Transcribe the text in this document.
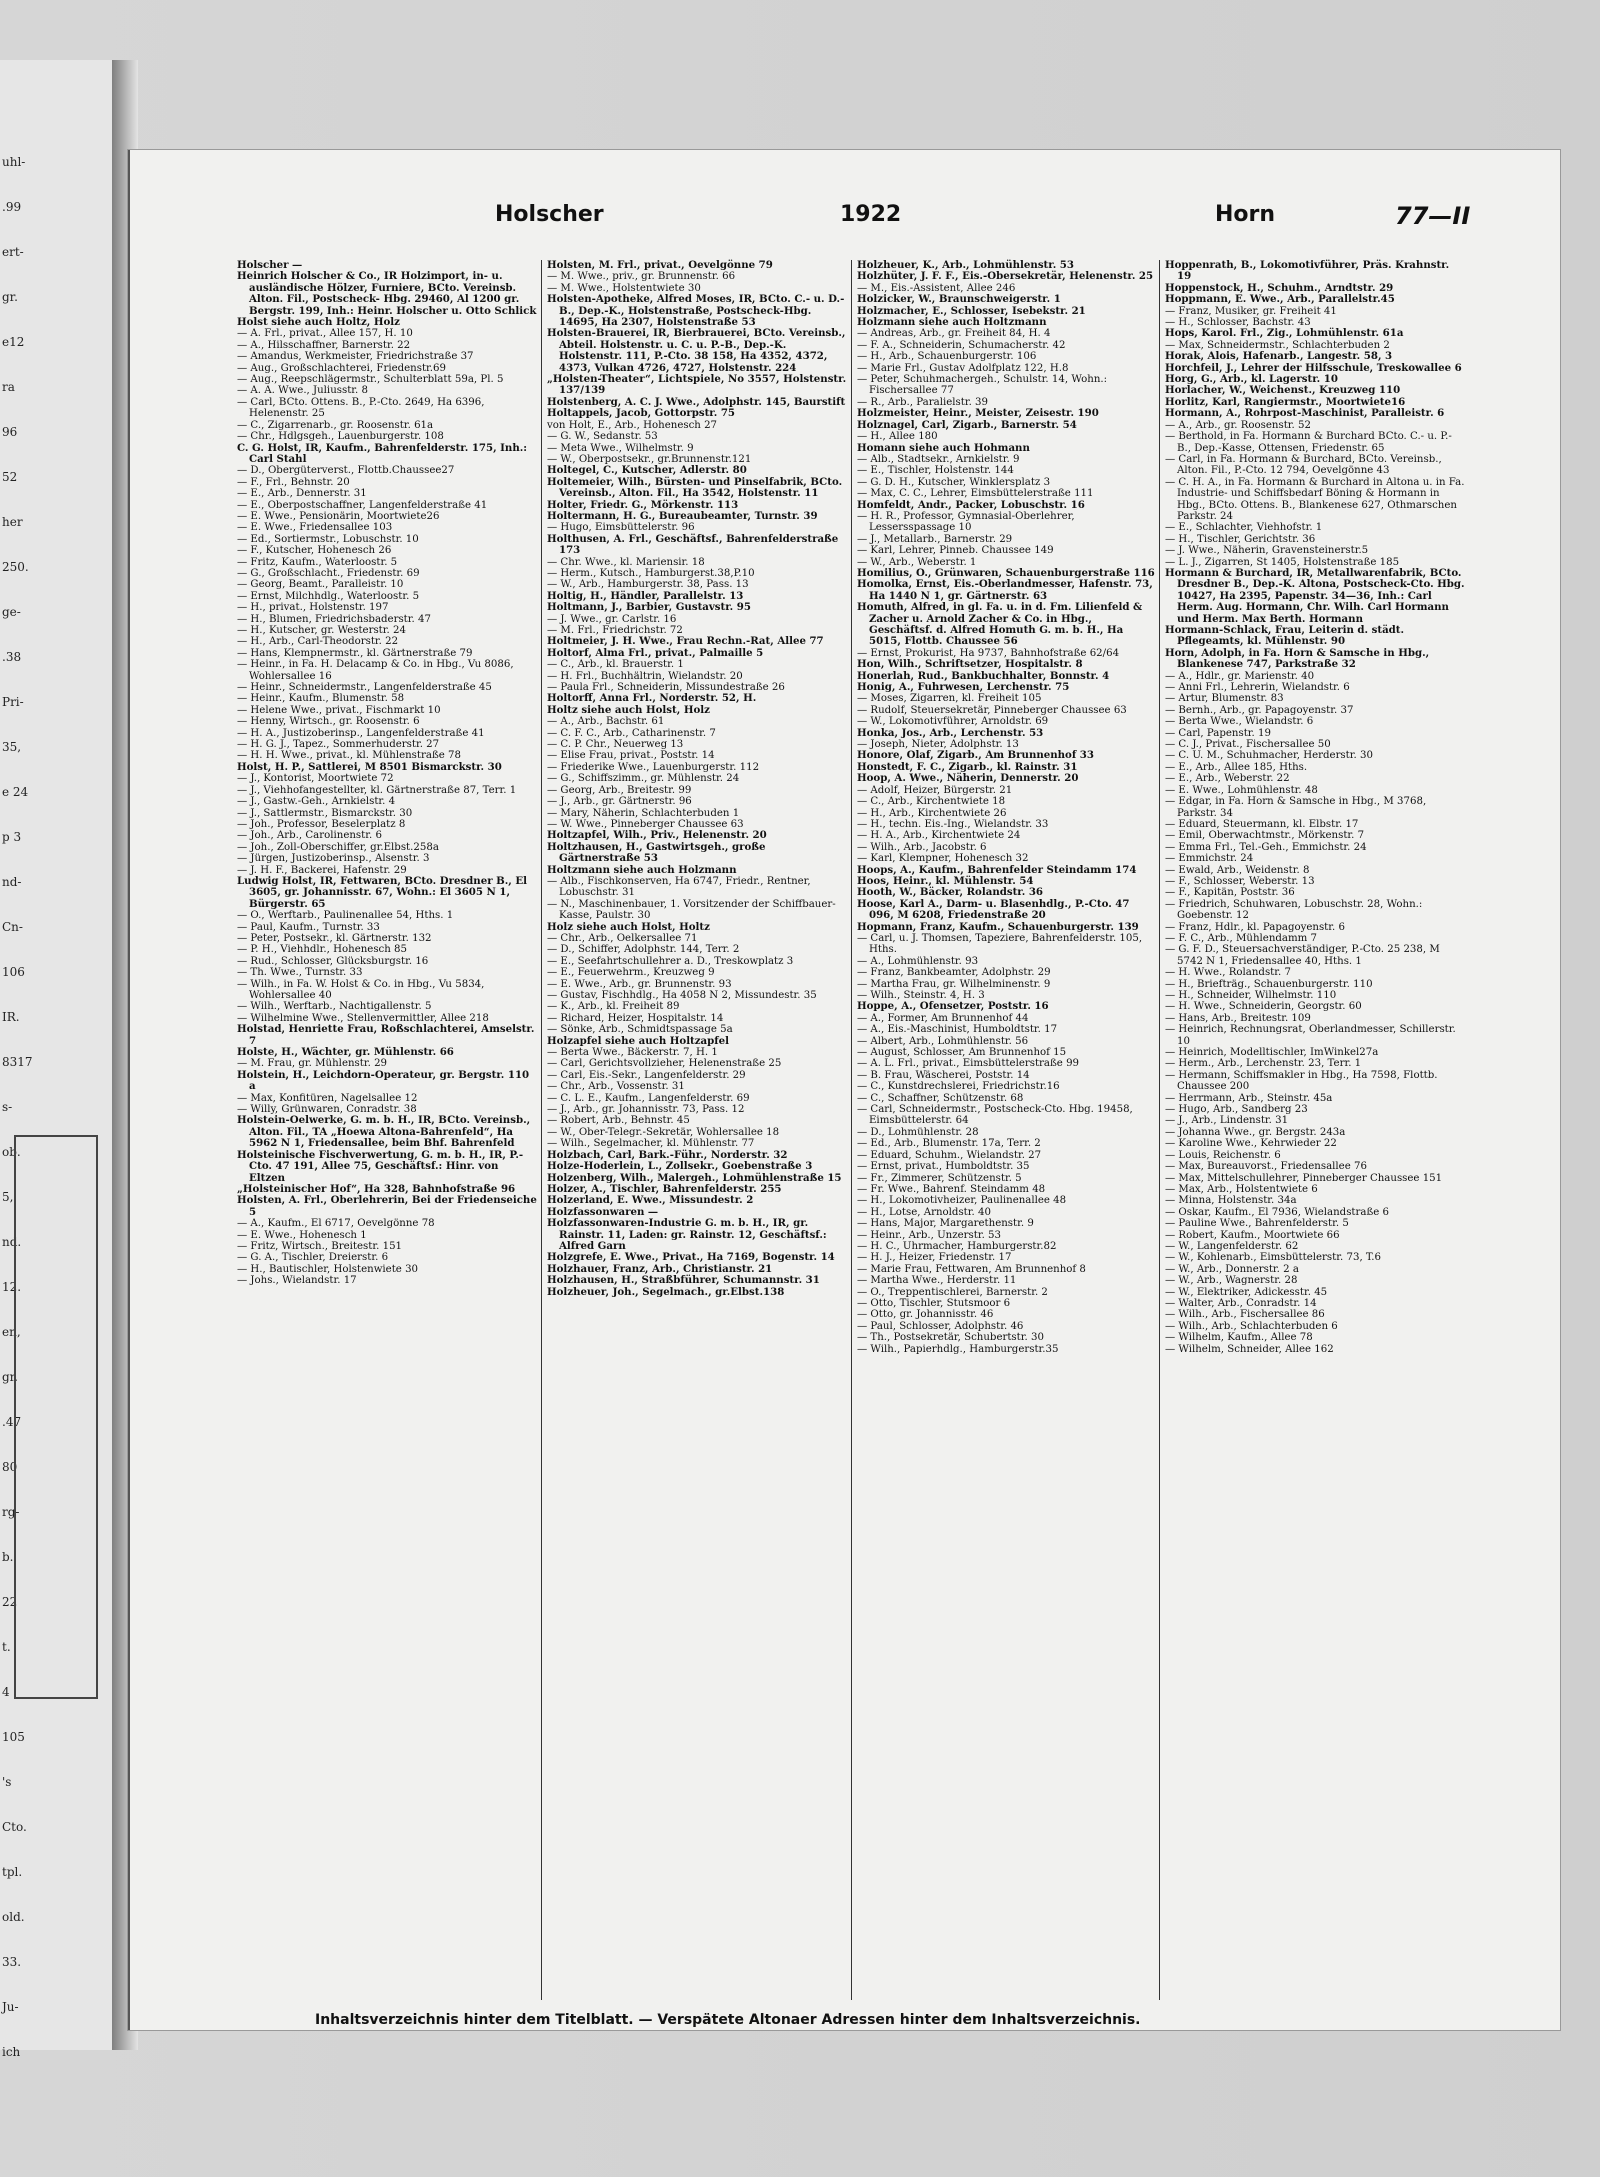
uhl-
.99
ert-
gr.
e12
ra
96
52
her
250.
ge-
.38
Pri-
35,
e 24
p 3
nd-
Cn-
106
IR.
8317
s-
ob.
5,
nd.
12.
en,
gr.
.47
80
rg-
b.
22
t.
4
105
's
Cto.
tpl.
old.
33.
Ju-
ich
Holscher	1922	Horn	77—II

Holscher —

Heinrich Holscher & Co., IR Holzimport, in- u. ausländische Hölzer, Furniere, BCto. Vereinsb. Alton. Fil., Postscheck- Hbg. 29460, Al 1200 gr. Bergstr. 199, Inh.: Heinr. Holscher u. Otto Schlick

Holst siehe auch Holtz, Holz

— A. Frl., privat., Allee 157, H. 10

— A., Hilsschaffner, Barnerstr. 22

— Amandus, Werkmeister, Friedrichstraße 37

— Aug., Großschlachterei, Friedenstr.69

— Aug., Reepschlägermstr., Schulterblatt 59a, Pl. 5

— A. A. Wwe., Juliusstr. 8

— Carl, BCto. Ottens. B., P.-Cto. 2649, Ha 6396, Helenenstr. 25

— C., Zigarrenarb., gr. Roosenstr. 61a

— Chr., Hdlgsgeh., Lauenburgerstr. 108

C. G. Holst, IR, Kaufm., Bahrenfelderstr. 175, Inh.: Carl Stahl

— D., Obergüterverst., Flottb.Chaussee27

— F., Frl., Behnstr. 20

— E., Arb., Dennerstr. 31

— E., Oberpostschaffner, Langenfelderstraße 41

— E. Wwe., Pensionärin, Moortwiete26

— E. Wwe., Friedensallee 103

— Ed., Sortiermstr., Lobuschstr. 10

— F., Kutscher, Hohenesch 26

— Fritz, Kaufm., Waterloostr. 5

— G., Großschlacht., Friedenstr. 69

— Georg, Beamt., Paralleistr. 10

— Ernst, Milchhdlg., Waterloostr. 5

— H., privat., Holstenstr. 197

— H., Blumen, Friedrichsbaderstr. 47

— H., Kutscher, gr. Westerstr. 24

— H., Arb., Carl-Theodorstr. 22

— Hans, Klempnermstr., kl. Gärtnerstraße 79

— Heinr., in Fa. H. Delacamp & Co. in Hbg., Vu 8086, Wohlersallee 16

— Heinr., Schneidermstr., Langenfelderstraße 45

— Heinr., Kaufm., Blumenstr. 58

— Helene Wwe., privat., Fischmarkt 10

— Henny, Wirtsch., gr. Roosenstr. 6

— H. A., Justizoberinsp., Langenfelderstraße 41

— H. G. J., Tapez., Sommerhuderstr. 27

— H. H. Wwe., privat., kl. Mühlenstraße 78

Holst, H. P., Sattlerei, M 8501 Bismarckstr. 30

— J., Kontorist, Moortwiete 72

— J., Viehhofangestellter, kl. Gärtnerstraße 87, Terr. 1

— J., Gastw.-Geh., Arnkielstr. 4

— J., Sattlermstr., Bismarckstr. 30

— Joh., Professor, Beselerplatz 8

— Joh., Arb., Carolinenstr. 6

— Joh., Zoll-Oberschiffer, gr.Elbst.258a

— Jürgen, Justizoberinsp., Alsenstr. 3

— J. H. F., Backerei, Hafenstr. 29

Ludwig Holst, IR, Fettwaren, BCto. Dresdner B., El 3605, gr. Johannisstr. 67, Wohn.: El 3605 N 1, Bürgerstr. 65

— O., Werftarb., Paulinenallee 54, Hths. 1

— Paul, Kaufm., Turnstr. 33

— Peter, Postsekr., kl. Gärtnerstr. 132

— P. H., Viehhdlr., Hohenesch 85

— Rud., Schlosser, Glücksburgstr. 16

— Th. Wwe., Turnstr. 33

— Wilh., in Fa. W. Holst & Co. in Hbg., Vu 5834, Wohlersallee 40

— Wilh., Werftarb., Nachtigallenstr. 5

— Wilhelmine Wwe., Stellenvermittler, Allee 218

Holstad, Henriette Frau, Roßschlachterei, Amselstr. 7

Holste, H., Wächter, gr. Mühlenstr. 66

— M. Frau, gr. Mühlenstr. 29

Holstein, H., Leichdorn-Operateur, gr. Bergstr. 110 a

— Max, Konfitüren, Nagelsallee 12

— Willy, Grünwaren, Conradstr. 38

Holstein-Oelwerke, G. m. b. H., IR, BCto. Vereinsb., Alton. Fil., TA „Hoewa Altona-Bahrenfeld“, Ha 5962 N 1, Friedensallee, beim Bhf. Bahrenfeld

Holsteinische Fischverwertung, G. m. b. H., IR, P.-Cto. 47 191, Allee 75, Geschäftsf.: Hinr. von Eltzen

„Holsteinischer Hof“, Ha 328, Bahnhofstraße 96

Holsten, A. Frl., Oberlehrerin, Bei der Friedenseiche 5

— A., Kaufm., El 6717, Oevelgönne 78

— E. Wwe., Hohenesch 1

— Fritz, Wirtsch., Breitestr. 151

— G. A., Tischler, Dreierstr. 6

— H., Bautischler, Holstenwiete 30

— Johs., Wielandstr. 17

Holsten, M. Frl., privat., Oevelgönne 79

— M. Wwe., priv., gr. Brunnenstr. 66

— M. Wwe., Holstentwiete 30

Holsten-Apotheke, Alfred Moses, IR, BCto. C.- u. D.-B., Dep.-K., Holstenstraße, Postscheck-Hbg. 14695, Ha 2307, Holstenstraße 53

Holsten-Brauerei, IR, Bierbrauerei, BCto. Vereinsb., Abteil. Holstenstr. u. C. u. P.-B., Dep.-K. Holstenstr. 111, P.-Cto. 38 158, Ha 4352, 4372, 4373, Vulkan 4726, 4727, Holstenstr. 224

„Holsten-Theater“, Lichtspiele, No 3557, Holstenstr. 137/139

Holstenberg, A. C. J. Wwe., Adolphstr. 145, Baurstift

Holtappels, Jacob, Gottorpstr. 75

von Holt, E., Arb., Hohenesch 27

— G. W., Sedanstr. 53

— Meta Wwe., Wilhelmstr. 9

— W., Oberpostsekr., gr.Brunnenstr.121

Holtegel, C., Kutscher, Adlerstr. 80

Holtemeier, Wilh., Bürsten- und Pinselfabrik, BCto. Vereinsb., Alton. Fil., Ha 3542, Holstenstr. 11

Holter, Friedr. G., Mörkenstr. 113

Holtermann, H. G., Bureaubeamter, Turnstr. 39

— Hugo, Eimsbüttelerstr. 96

Holthusen, A. Frl., Geschäftsf., Bahrenfelderstraße 173

— Chr. Wwe., kl. Mariensir. 18

— Herm., Kutsch., Hamburgerst.38,P.10

— W., Arb., Hamburgerstr. 38, Pass. 13

Holtig, H., Händler, Parallelstr. 13

Holtmann, J., Barbier, Gustavstr. 95

— J. Wwe., gr. Carlstr. 16

— M. Frl., Friedrichstr. 72

Holtmeier, J. H. Wwe., Frau Rechn.-Rat, Allee 77

Holtorf, Alma Frl., privat., Palmaille 5

— C., Arb., kl. Brauerstr. 1

— H. Frl., Buchhältrin, Wielandstr. 20

— Paula Frl., Schneiderin, Missundestraße 26

Holtorff, Anna Frl., Norderstr. 52, H.

Holtz siehe auch Holst, Holz

— A., Arb., Bachstr. 61

— C. F. C., Arb., Catharinenstr. 7

— C. P. Chr., Neuerweg 13

— Elise Frau, privat., Poststr. 14

— Friederike Wwe., Lauenburgerstr. 112

— G., Schiffszimm., gr. Mühlenstr. 24

— Georg, Arb., Breitestr. 99

— J., Arb., gr. Gärtnerstr. 96

— Mary, Näherin, Schlachterbuden 1

— W. Wwe., Pinneberger Chaussee 63

Holtzapfel, Wilh., Priv., Helenenstr. 20

Holtzhausen, H., Gastwirtsgeh., große Gärtnerstraße 53

Holtzmann siehe auch Holzmann

— Alb., Fischkonserven, Ha 6747, Friedr., Rentner, Lobuschstr. 31

— N., Maschinenbauer, 1. Vorsitzender der Schiffbauer-Kasse, Paulstr. 30

Holz siehe auch Holst, Holtz

— Chr., Arb., Oelkersallee 71

— D., Schiffer, Adolphstr. 144, Terr. 2

— E., Seefahrtschullehrer a. D., Treskowplatz 3

— E., Feuerwehrm., Kreuzweg 9

— E. Wwe., Arb., gr. Brunnenstr. 93

— Gustav, Fischhdlg., Ha 4058 N 2, Missundestr. 35

— K., Arb., kl. Freiheit 89

— Richard, Heizer, Hospitalstr. 14

— Sönke, Arb., Schmidtspassage 5a

Holzapfel siehe auch Holtzapfel

— Berta Wwe., Bäckerstr. 7, H. 1

— Carl, Gerichtsvollzieher, Helenenstraße 25

— Carl, Eis.-Sekr., Langenfelderstr. 29

— Chr., Arb., Vossenstr. 31

— C. L. E., Kaufm., Langenfelderstr. 69

— J., Arb., gr. Johannisstr. 73, Pass. 12

— Robert, Arb., Behnstr. 45

— W., Ober-Telegr.-Sekretär, Wohlersallee 18

— Wilh., Segelmacher, kl. Mühlenstr. 77

Holzbach, Carl, Bark.-Führ., Norderstr. 32

Holze-Hoderlein, L., Zollsekr., Goebenstraße 3

Holzenberg, Wilh., Malergeh., Lohmühlenstraße 15

Holzer, A., Tischler, Bahrenfelderstr. 255

Holzerland, E. Wwe., Missundestr. 2

Holzfassonwaren —

Holzfassonwaren-Industrie G. m. b. H., IR, gr. Rainstr. 11, Laden: gr. Rainstr. 12, Geschäftsf.: Alfred Garn

Holzgrefe, E. Wwe., Privat., Ha 7169, Bogenstr. 14

Holzhauer, Franz, Arb., Christianstr. 21

Holzhausen, H., Straßbführer, Schumannstr. 31

Holzheuer, Joh., Segelmach., gr.Elbst.138

Holzheuer, K., Arb., Lohmühlenstr. 53

Holzhüter, J. F. F., Eis.-Obersekretär, Helenenstr. 25

— M., Eis.-Assistent, Allee 246

Holzicker, W., Braunschweigerstr. 1

Holzmacher, E., Schlosser, Isebekstr. 21

Holzmann siehe auch Holtzmann

— Andreas, Arb., gr. Freiheit 84, H. 4

— F. A., Schneiderin, Schumacherstr. 42

— H., Arb., Schauenburgerstr. 106

— Marie Frl., Gustav Adolfplatz 122, H.8

— Peter, Schuhmachergeh., Schulstr. 14, Wohn.: Fischersallee 77

— R., Arb., Paralielstr. 39

Holzmeister, Heinr., Meister, Zeisestr. 190

Holznagel, Carl, Zigarb., Barnerstr. 54

— H., Allee 180

Homann siehe auch Hohmann

— Alb., Stadtsekr., Arnkielstr. 9

— E., Tischler, Holstenstr. 144

— G. D. H., Kutscher, Winklersplatz 3

— Max, C. C., Lehrer, Eimsbüttelerstraße 111

Homfeldt, Andr., Packer, Lobuschstr. 16

— H. R., Professor, Gymnasial-Oberlehrer, Lessersspassage 10

— J., Metallarb., Barnerstr. 29

— Karl, Lehrer, Pinneb. Chaussee 149

— W., Arb., Weberstr. 1

Homilius, O., Grünwaren, Schauenburgerstraße 116

Homolka, Ernst, Eis.-Oberlandmesser, Hafenstr. 73, Ha 1440 N 1, gr. Gärtnerstr. 63

Homuth, Alfred, in gl. Fa. u. in d. Fm. Lilienfeld & Zacher u. Arnold Zacher & Co. in Hbg., Geschäftsf. d. Alfred Homuth G. m. b. H., Ha 5015, Flottb. Chaussee 56

— Ernst, Prokurist, Ha 9737, Bahnhofstraße 62/64

Hon, Wilh., Schriftsetzer, Hospitalstr. 8

Honerlah, Rud., Bankbuchhalter, Bonnstr. 4

Honig, A., Fuhrwesen, Lerchenstr. 75

— Moses, Zigarren, kl. Freiheit 105

— Rudolf, Steuersekretär, Pinneberger Chaussee 63

— W., Lokomotivführer, Arnoldstr. 69

Honka, Jos., Arb., Lerchenstr. 53

— Joseph, Nieter, Adolphstr. 13

Honore, Olaf, Zigarb., Am Brunnenhof 33

Honstedt, F. C., Zigarb., kl. Rainstr. 31

Hoop, A. Wwe., Näherin, Dennerstr. 20

— Adolf, Heizer, Bürgerstr. 21

— C., Arb., Kirchentwiete 18

— H., Arb., Kirchentwiete 26

— H., techn. Eis.-Ing., Wielandstr. 33

— H. A., Arb., Kirchentwiete 24

— Wilh., Arb., Jacobstr. 6

— Karl, Klempner, Hohenesch 32

Hoops, A., Kaufm., Bahrenfelder Steindamm 174

Hoos, Heinr., kl. Mühlenstr. 54

Hooth, W., Bäcker, Rolandstr. 36

Hoose, Karl A., Darm- u. Blasenhdlg., P.-Cto. 47 096, M 6208, Friedenstraße 20

Hopmann, Franz, Kaufm., Schauenburgerstr. 139

— Carl, u. J. Thomsen, Tapeziere, Bahrenfelderstr. 105, Hths.

— A., Lohmühlenstr. 93

— Franz, Bankbeamter, Adolphstr. 29

— Martha Frau, gr. Wilhelminenstr. 9

— Wilh., Steinstr. 4, H. 3

Hoppe, A., Ofensetzer, Poststr. 16

— A., Former, Am Brunnenhof 44

— A., Eis.-Maschinist, Humboldtstr. 17

— Albert, Arb., Lohmühlenstr. 56

— August, Schlosser, Am Brunnenhof 15

— A. L. Frl., privat., Eimsbüttelerstraße 99

— B. Frau, Wäscherei, Poststr. 14

— C., Kunstdrechslerei, Friedrichstr.16

— C., Schaffner, Schützenstr. 68

— Carl, Schneidermstr., Postscheck-Cto. Hbg. 19458, Eimsbüttelerstr. 64

— D., Lohmühlenstr. 28

— Ed., Arb., Blumenstr. 17a, Terr. 2

— Eduard, Schuhm., Wielandstr. 27

— Ernst, privat., Humboldtstr. 35

— Fr., Zimmerer, Schützenstr. 5

— Fr. Wwe., Bahrenf. Steindamm 48

— H., Lokomotivheizer, Paulinenallee 48

— H., Lotse, Arnoldstr. 40

— Hans, Major, Margarethenstr. 9

— Heinr., Arb., Unzerstr. 53

— H. C., Uhrmacher, Hamburgerstr.82

— H. J., Heizer, Friedenstr. 17

— Marie Frau, Fettwaren, Am Brunnenhof 8

— Martha Wwe., Herderstr. 11

— O., Treppentischlerei, Barnerstr. 2

— Otto, Tischler, Stutsmoor 6

— Otto, gr. Johannisstr. 46

— Paul, Schlosser, Adolphstr. 46

— Th., Postsekretär, Schubertstr. 30

— Wilh., Papierhdlg., Hamburgerstr.35

Hoppenrath, B., Lokomotivführer, Präs. Krahnstr. 19

Hoppenstock, H., Schuhm., Arndtstr. 29

Hoppmann, E. Wwe., Arb., Parallelstr.45

— Franz, Musiker, gr. Freiheit 41

— H., Schlosser, Bachstr. 43

Hops, Karol. Frl., Zig., Lohmühlenstr. 61a

— Max, Schneidermstr., Schlachterbuden 2

Horak, Alois, Hafenarb., Langestr. 58, 3

Horchfeil, J., Lehrer der Hilfsschule, Treskowallee 6

Horg, G., Arb., kl. Lagerstr. 10

Horlacher, W., Weichenst., Kreuzweg 110

Horlitz, Karl, Rangiermstr., Moortwiete16

Hormann, A., Rohrpost-Maschinist, Paralleistr. 6

— A., Arb., gr. Roosenstr. 52

— Berthold, in Fa. Hormann & Burchard BCto. C.- u. P.-B., Dep.-Kasse, Ottensen, Friedenstr. 65

— Carl, in Fa. Hormann & Burchard, BCto. Vereinsb., Alton. Fil., P.-Cto. 12 794, Oevelgönne 43

— C. H. A., in Fa. Hormann & Burchard in Altona u. in Fa. Industrie- und Schiffsbedarf Böning & Hormann in Hbg., BCto. Ottens. B., Blankenese 627, Othmarschen Parkstr. 24

— E., Schlachter, Viehhofstr. 1

— H., Tischler, Gerichtstr. 36

— J. Wwe., Näherin, Gravensteinerstr.5

— L. J., Zigarren, St 1405, Holstenstraße 185

Hormann & Burchard, IR, Metallwarenfabrik, BCto. Dresdner B., Dep.-K. Altona, Postscheck-Cto. Hbg. 10427, Ha 2395, Papenstr. 34—36, Inh.: Carl Herm. Aug. Hormann, Chr. Wilh. Carl Hormann und Herm. Max Berth. Hormann

Hormann-Schlack, Frau, Leiterin d. städt. Pflegeamts, kl. Mühlenstr. 90

Horn, Adolph, in Fa. Horn & Samsche in Hbg., Blankenese 747, Parkstraße 32

— A., Hdlr., gr. Marienstr. 40

— Anni Frl., Lehrerin, Wielandstr. 6

— Artur, Blumenstr. 83

— Bernh., Arb., gr. Papagoyenstr. 37

— Berta Wwe., Wielandstr. 6

— Carl, Papenstr. 19

— C. J., Privat., Fischersallee 50

— C. U. M., Schuhmacher, Herderstr. 30

— E., Arb., Allee 185, Hths.

— E., Arb., Weberstr. 22

— E. Wwe., Lohmühlenstr. 48

— Edgar, in Fa. Horn & Samsche in Hbg., M 3768, Parkstr. 34

— Eduard, Steuermann, kl. Elbstr. 17

— Emil, Oberwachtmstr., Mörkenstr. 7

— Emma Frl., Tel.-Geh., Emmichstr. 24

— Emmichstr. 24

— Ewald, Arb., Weidenstr. 8

— F., Schlosser, Weberstr. 13

— F., Kapitän, Poststr. 36

— Friedrich, Schuhwaren, Lobuschstr. 28, Wohn.: Goebenstr. 12

— Franz, Hdlr., kl. Papagoyenstr. 6

— F. C., Arb., Mühlendamm 7

— G. F. D., Steuersachverständiger, P.-Cto. 25 238, M 5742 N 1, Friedensallee 40, Hths. 1

— H. Wwe., Rolandstr. 7

— H., Briefträg., Schauenburgerstr. 110

— H., Schneider, Wilhelmstr. 110

— H. Wwe., Schneiderin, Georgstr. 60

— Hans, Arb., Breitestr. 109

— Heinrich, Rechnungsrat, Oberlandmesser, Schillerstr. 10

— Heinrich, Modelltischler, ImWinkel27a

— Herm., Arb., Lerchenstr. 23, Terr. 1

— Hermann, Schiffsmakler in Hbg., Ha 7598, Flottb. Chaussee 200

— Herrmann, Arb., Steinstr. 45a

— Hugo, Arb., Sandberg 23

— J., Arb., Lindenstr. 31

— Johanna Wwe., gr. Bergstr. 243a

— Karoline Wwe., Kehrwieder 22

— Louis, Reichenstr. 6

— Max, Bureauvorst., Friedensallee 76

— Max, Mittelschullehrer, Pinneberger Chaussee 151

— Max, Arb., Holstentwiete 6

— Minna, Holstenstr. 34a

— Oskar, Kaufm., El 7936, Wielandstraße 6

— Pauline Wwe., Bahrenfelderstr. 5

— Robert, Kaufm., Moortwiete 66

— W., Langenfelderstr. 62

— W., Kohlenarb., Eimsbüttelerstr. 73, T.6

— W., Arb., Donnerstr. 2 a

— W., Arb., Wagnerstr. 28

— W., Elektriker, Adickesstr. 45

— Walter, Arb., Conradstr. 14

— Wilh., Arb., Fischersallee 86

— Wilh., Arb., Schlachterbuden 6

— Wilhelm, Kaufm., Allee 78

— Wilhelm, Schneider, Allee 162

Inhaltsverzeichnis hinter dem Titelblatt. — Verspätete Altonaer Adressen hinter dem Inhaltsverzeichnis.
